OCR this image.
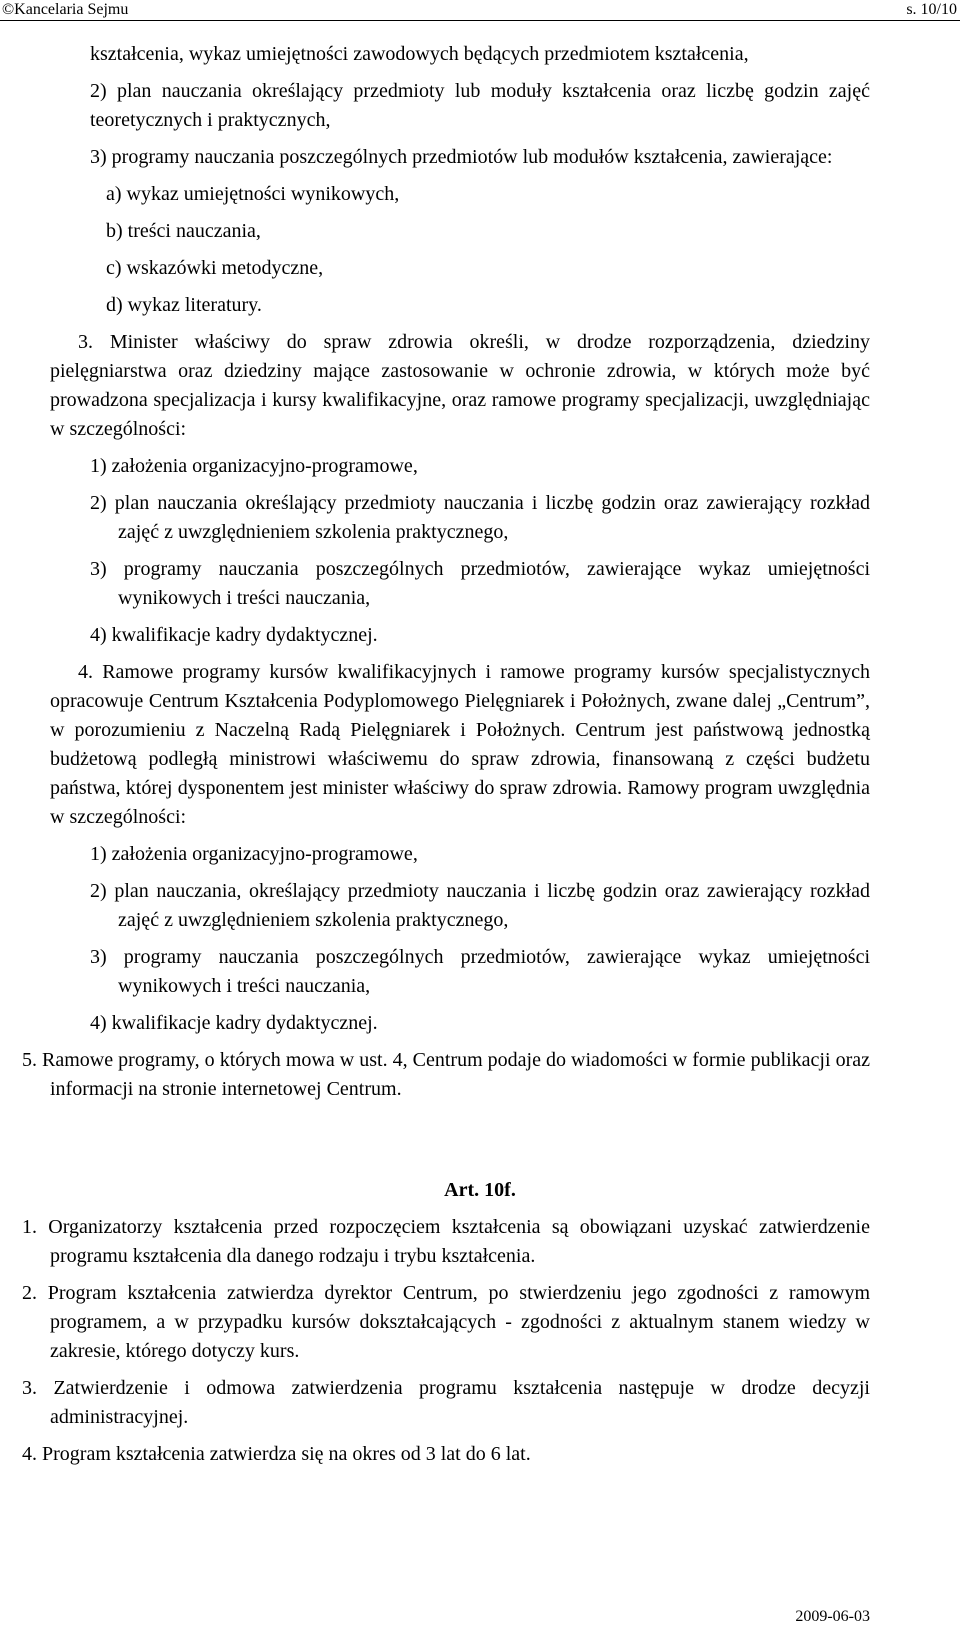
©Kancelaria Sejmu	s. 10/10

kształcenia, wykaz umiejętności zawodowych będących przedmiotem kształcenia,

2) plan nauczania określający przedmioty lub moduły kształcenia oraz liczbę godzin zajęć teoretycznych i praktycznych,

3) programy nauczania poszczególnych przedmiotów lub modułów kształcenia, zawierające:

a) wykaz umiejętności wynikowych,

b) treści nauczania,

c) wskazówki metodyczne,

d) wykaz literatury.

3. Minister właściwy do spraw zdrowia określi, w drodze rozporządzenia, dziedziny pielęgniarstwa oraz dziedziny mające zastosowanie w ochronie zdrowia, w których może być prowadzona specjalizacja i kursy kwalifikacyjne, oraz ramowe programy specjalizacji, uwzględniając w szczególności:

1) założenia organizacyjno-programowe,

2) plan nauczania określający przedmioty nauczania i liczbę godzin oraz zawierający rozkład zajęć z uwzględnieniem szkolenia praktycznego,

3) programy nauczania poszczególnych przedmiotów, zawierające wykaz umiejętności wynikowych i treści nauczania,

4) kwalifikacje kadry dydaktycznej.

4. Ramowe programy kursów kwalifikacyjnych i ramowe programy kursów specjalistycznych opracowuje Centrum Kształcenia Podyplomowego Pielęgniarek i Położnych, zwane dalej „Centrum”, w porozumieniu z Naczelną Radą Pielęgniarek i Położnych. Centrum jest państwową jednostką budżetową podległą ministrowi właściwemu do spraw zdrowia, finansowaną z części budżetu państwa, której dysponentem jest minister właściwy do spraw zdrowia. Ramowy program uwzględnia w szczególności:

1) założenia organizacyjno-programowe,

2) plan nauczania, określający przedmioty nauczania i liczbę godzin oraz zawierający rozkład zajęć z uwzględnieniem szkolenia praktycznego,

3) programy nauczania poszczególnych przedmiotów, zawierające wykaz umiejętności wynikowych i treści nauczania,

4) kwalifikacje kadry dydaktycznej.

5. Ramowe programy, o których mowa w ust. 4, Centrum podaje do wiadomości w formie publikacji oraz informacji na stronie internetowej Centrum.

Art. 10f.

1. Organizatorzy kształcenia przed rozpoczęciem kształcenia są obowiązani uzyskać zatwierdzenie programu kształcenia dla danego rodzaju i trybu kształcenia.

2. Program kształcenia zatwierdza dyrektor Centrum, po stwierdzeniu jego zgodności z ramowym programem, a w przypadku kursów dokształcających - zgodności z aktualnym stanem wiedzy w zakresie, którego dotyczy kurs.

3. Zatwierdzenie i odmowa zatwierdzenia programu kształcenia następuje w drodze decyzji administracyjnej.

4. Program kształcenia zatwierdza się na okres od 3 lat do 6 lat.

2009-06-03
